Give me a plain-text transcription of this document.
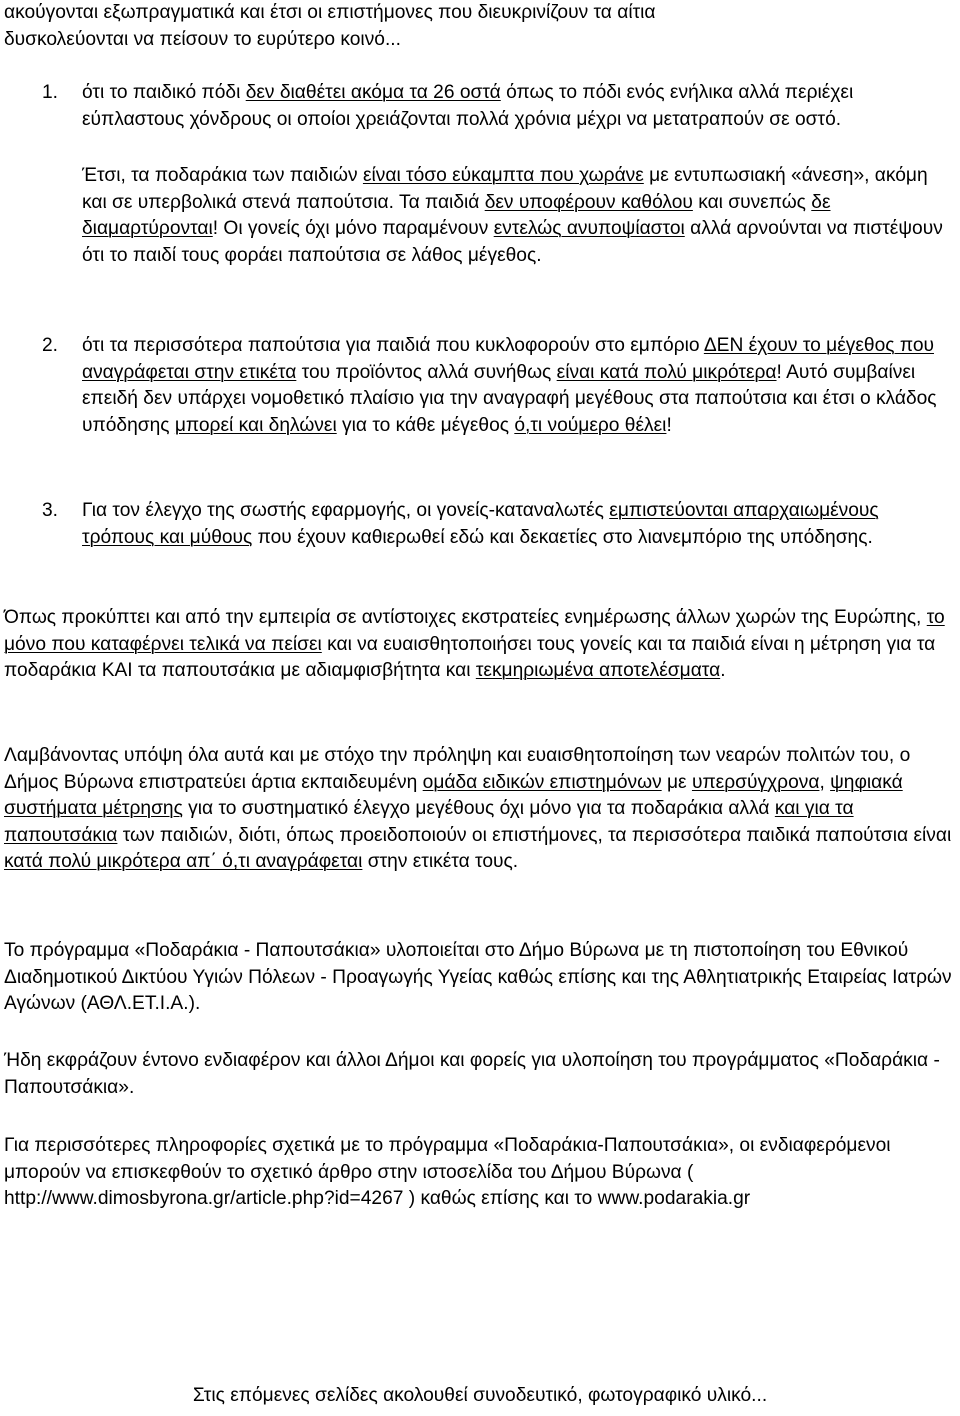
ακούγονται εξωπραγματικά και έτσι οι επιστήμονες που διευκρινίζουν τα αίτια
δυσκολεύονται να πείσουν το ευρύτερο κοινό...

1.	ότι το παιδικό πόδι δεν διαθέτει ακόμα τα 26 οστά όπως το πόδι ενός ενήλικα αλλά περιέχει εύπλαστους χόνδρους οι οποίοι χρειάζονται πολλά χρόνια μέχρι να μετατραπούν σε οστό.

Έτσι, τα ποδαράκια των παιδιών είναι τόσο εύκαμπτα που χωράνε με εντυπωσιακή «άνεση», ακόμη και σε υπερβολικά στενά παπούτσια. Τα παιδιά δεν υποφέρουν καθόλου και συνεπώς δε διαμαρτύρονται! Οι γονείς όχι μόνο παραμένουν εντελώς ανυποψίαστοι αλλά αρνούνται να πιστέψουν ότι το παιδί τους φοράει παπούτσια σε λάθος μέγεθος.

2.	ότι τα περισσότερα παπούτσια για παιδιά που κυκλοφορούν στο εμπόριο ΔΕΝ έχουν το μέγεθος που αναγράφεται στην ετικέτα του προϊόντος αλλά συνήθως είναι κατά πολύ μικρότερα! Αυτό συμβαίνει επειδή δεν υπάρχει νομοθετικό πλαίσιο για την αναγραφή μεγέθους στα παπούτσια και έτσι ο κλάδος υπόδησης μπορεί και δηλώνει για το κάθε μέγεθος ό,τι νούμερο θέλει!

3.	Για τον έλεγχο της σωστής εφαρμογής, οι γονείς-καταναλωτές εμπιστεύονται απαρχαιωμένους τρόπους και μύθους που έχουν καθιερωθεί εδώ και δεκαετίες στο λιανεμπόριο της υπόδησης.

Όπως προκύπτει και από την εμπειρία σε αντίστοιχες εκστρατείες ενημέρωσης άλλων χωρών της Ευρώπης, το μόνο που καταφέρνει τελικά να πείσει και να ευαισθητοποιήσει τους γονείς και τα παιδιά είναι η μέτρηση για τα ποδαράκια ΚΑΙ τα παπουτσάκια με αδιαμφισβήτητα και τεκμηριωμένα αποτελέσματα.

Λαμβάνοντας υπόψη όλα αυτά και με στόχο την πρόληψη και ευαισθητοποίηση των νεαρών πολιτών του, ο Δήμος Βύρωνα επιστρατεύει άρτια εκπαιδευμένη ομάδα ειδικών επιστημόνων με υπερσύγχρονα, ψηφιακά συστήματα μέτρησης για το συστηματικό έλεγχο μεγέθους όχι μόνο για τα ποδαράκια αλλά και για τα παπουτσάκια των παιδιών, διότι, όπως προειδοποιούν οι επιστήμονες, τα περισσότερα παιδικά παπούτσια είναι κατά πολύ μικρότερα απ΄ ό,τι αναγράφεται στην ετικέτα τους.

Το πρόγραμμα «Ποδαράκια - Παπουτσάκια» υλοποιείται στο Δήμο Βύρωνα με τη πιστοποίηση του Εθνικού Διαδημοτικού Δικτύου Υγιών Πόλεων - Προαγωγής Υγείας καθώς επίσης και της Αθλητιατρικής Εταιρείας Ιατρών Αγώνων (ΑΘΛ.ΕΤ.Ι.Α.).

Ήδη εκφράζουν έντονο ενδιαφέρον και άλλοι Δήμοι και φορείς για υλοποίηση του προγράμματος «Ποδαράκια - Παπουτσάκια».

Για περισσότερες πληροφορίες σχετικά με το πρόγραμμα «Ποδαράκια-Παπουτσάκια», οι ενδιαφερόμενοι μπορούν να επισκεφθούν το σχετικό άρθρο στην ιστοσελίδα του Δήμου Βύρωνα ( http://www.dimosbyrona.gr/article.php?id=4267 ) καθώς επίσης και το www.podarakia.gr

Στις επόμενες σελίδες ακολουθεί συνοδευτικό, φωτογραφικό υλικό...
